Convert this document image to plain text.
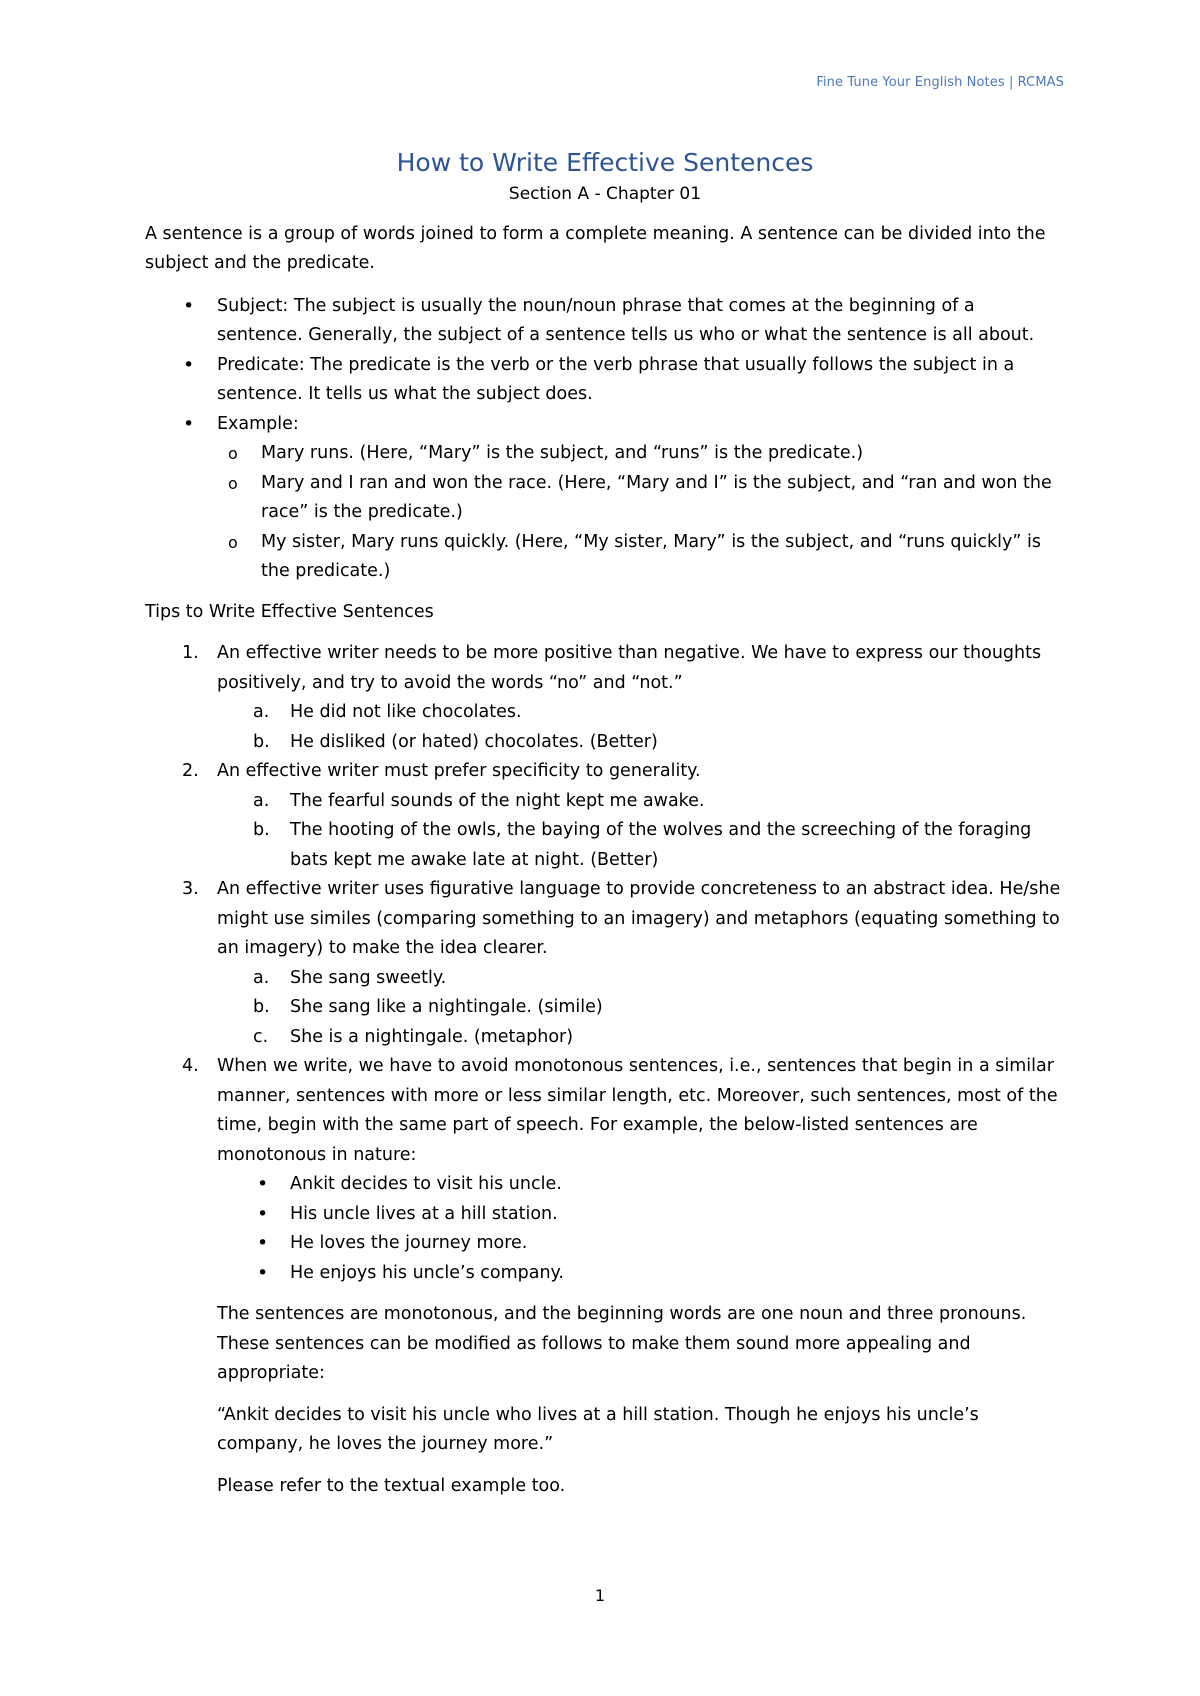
Fine Tune Your English Notes | RCMAS
How to Write Effective Sentences

Section A - Chapter 01

A sentence is a group of words joined to form a complete meaning. A sentence can be divided into the subject and the predicate.

• Subject: The subject is usually the noun/noun phrase that comes at the beginning of a sentence. Generally, the subject of a sentence tells us who or what the sentence is all about.
• Predicate: The predicate is the verb or the verb phrase that usually follows the subject in a sentence. It tells us what the subject does.
• Example:
o Mary runs. (Here, “Mary” is the subject, and “runs” is the predicate.)
o Mary and I ran and won the race. (Here, “Mary and I” is the subject, and “ran and won the race” is the predicate.)
o My sister, Mary runs quickly. (Here, “My sister, Mary” is the subject, and “runs quickly” is the predicate.)

Tips to Write Effective Sentences

1. An effective writer needs to be more positive than negative. We have to express our thoughts positively, and try to avoid the words “no” and “not.”
a. He did not like chocolates.
b. He disliked (or hated) chocolates. (Better)
2. An effective writer must prefer specificity to generality.
a. The fearful sounds of the night kept me awake.
b. The hooting of the owls, the baying of the wolves and the screeching of the foraging bats kept me awake late at night. (Better)
3. An effective writer uses figurative language to provide concreteness to an abstract idea. He/she might use similes (comparing something to an imagery) and metaphors (equating something to an imagery) to make the idea clearer.
a. She sang sweetly.
b. She sang like a nightingale. (simile)
c. She is a nightingale. (metaphor)
4. When we write, we have to avoid monotonous sentences, i.e., sentences that begin in a similar manner, sentences with more or less similar length, etc. Moreover, such sentences, most of the time, begin with the same part of speech. For example, the below-listed sentences are monotonous in nature:
• Ankit decides to visit his uncle.
• His uncle lives at a hill station.
• He loves the journey more.
• He enjoys his uncle’s company.

The sentences are monotonous, and the beginning words are one noun and three pronouns. These sentences can be modified as follows to make them sound more appealing and appropriate:

“Ankit decides to visit his uncle who lives at a hill station. Though he enjoys his uncle’s company, he loves the journey more.”

Please refer to the textual example too.

1
